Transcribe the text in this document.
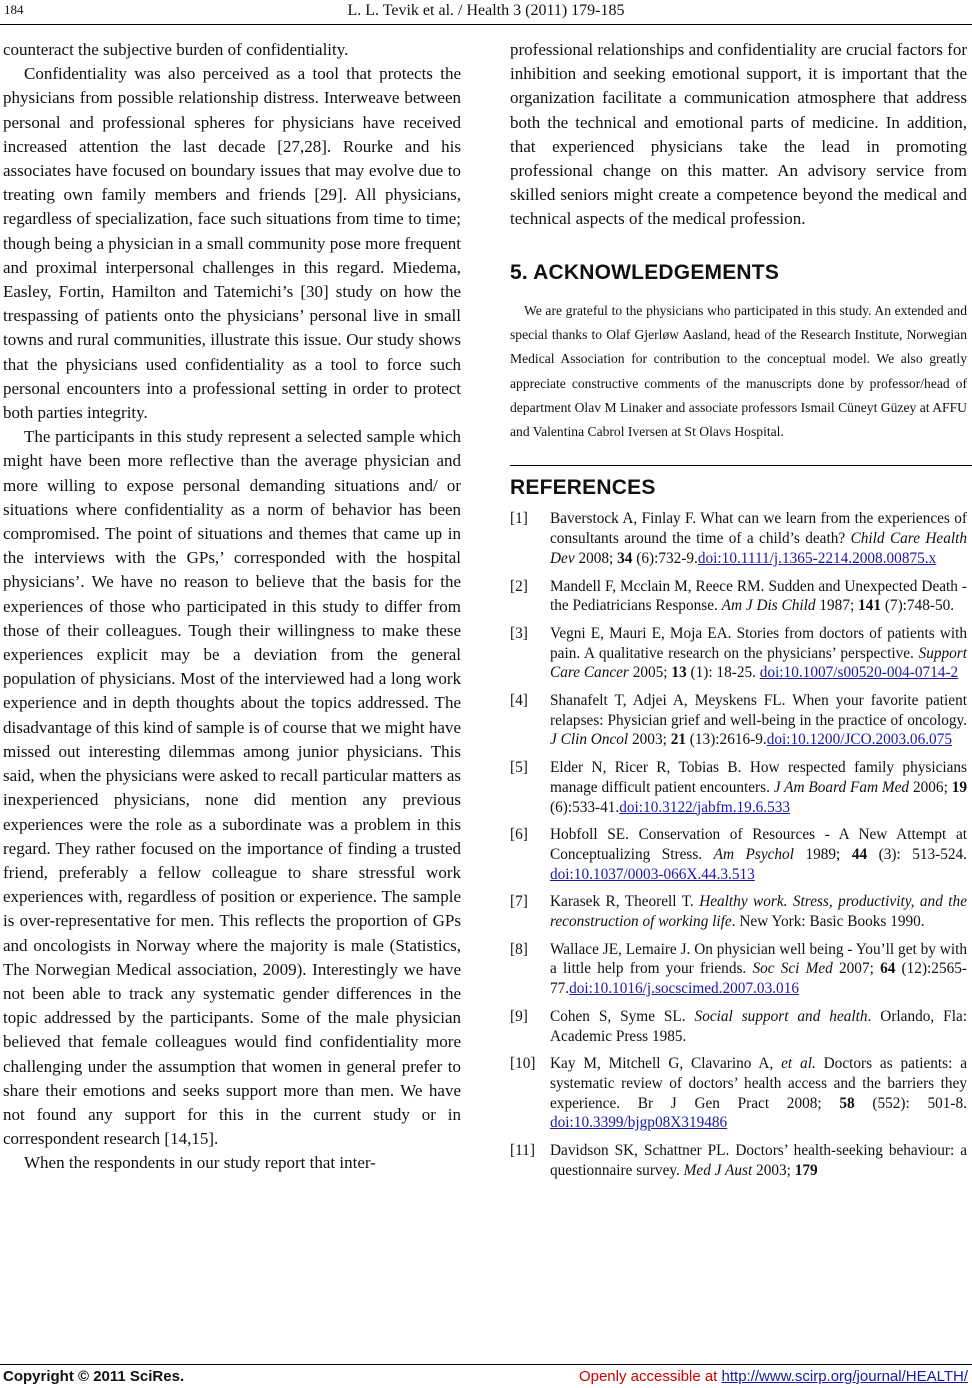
184	L. L. Tevik et al. / Health 3 (2011) 179-185

counteract the subjective burden of confidentiality.

Confidentiality was also perceived as a tool that protects the physicians from possible relationship distress. Interweave between personal and professional spheres for physicians have received increased attention the last decade [27,28]. Rourke and his associates have focused on boundary issues that may evolve due to treating own family members and friends [29]. All physicians, regardless of specialization, face such situations from time to time; though being a physician in a small community pose more frequent and proximal interpersonal challenges in this regard. Miedema, Easley, Fortin, Hamilton and Tatemichi’s [30] study on how the trespassing of patients onto the physicians’ personal live in small towns and rural communities, illustrate this issue. Our study shows that the physicians used confidentiality as a tool to force such personal encounters into a professional setting in order to protect both parties integrity.

The participants in this study represent a selected sample which might have been more reflective than the average physician and more willing to expose personal demanding situations and/ or situations where confidentiality as a norm of behavior has been compromised. The point of situations and themes that came up in the interviews with the GPs,’ corresponded with the hospital physicians’. We have no reason to believe that the basis for the experiences of those who participated in this study to differ from those of their colleagues. Tough their willingness to make these experiences explicit may be a deviation from the general population of physicians. Most of the interviewed had a long work experience and in depth thoughts about the topics addressed. The disadvantage of this kind of sample is of course that we might have missed out interesting dilemmas among junior physicians. This said, when the physicians were asked to recall particular matters as inexperienced physicians, none did mention any previous experiences were the role as a subordinate was a problem in this regard. They rather focused on the importance of finding a trusted friend, preferably a fellow colleague to share stressful work experiences with, regardless of position or experience. The sample is over-representative for men. This reflects the proportion of GPs and oncologists in Norway where the majority is male (Statistics, The Norwegian Medical association, 2009). Interestingly we have not been able to track any systematic gender differences in the topic addressed by the participants. Some of the male physician believed that female colleagues would find confidentiality more challenging under the assumption that women in general prefer to share their emotions and seeks support more than men. We have not found any support for this in the current study or in correspondent research [14,15].

When the respondents in our study report that inter-

professional relationships and confidentiality are crucial factors for inhibition and seeking emotional support, it is important that the organization facilitate a communication atmosphere that address both the technical and emotional parts of medicine. In addition, that experienced physicians take the lead in promoting professional change on this matter. An advisory service from skilled seniors might create a competence beyond the medical and technical aspects of the medical profession.

5. ACKNOWLEDGEMENTS

We are grateful to the physicians who participated in this study. An extended and special thanks to Olaf Gjerløw Aasland, head of the Research Institute, Norwegian Medical Association for contribution to the conceptual model. We also greatly appreciate constructive comments of the manuscripts done by professor/head of department Olav M Linaker and associate professors Ismail Cüneyt Güzey at AFFU and Valentina Cabrol Iversen at St Olavs Hospital.

REFERENCES
[1]	Baverstock A, Finlay F. What can we learn from the experiences of consultants around the time of a child’s death? Child Care Health Dev 2008; 34 (6):732-9.doi:10.1111/j.1365-2214.2008.00875.x
[2]	Mandell F, Mcclain M, Reece RM. Sudden and Unexpected Death - the Pediatricians Response. Am J Dis Child 1987; 141 (7):748-50.
[3]	Vegni E, Mauri E, Moja EA. Stories from doctors of patients with pain. A qualitative research on the physicians’ perspective. Support Care Cancer 2005; 13 (1): 18-25. doi:10.1007/s00520-004-0714-2
[4]	Shanafelt T, Adjei A, Meyskens FL. When your favorite patient relapses: Physician grief and well-being in the practice of oncology. J Clin Oncol 2003; 21 (13):2616-9.doi:10.1200/JCO.2003.06.075
[5]	Elder N, Ricer R, Tobias B. How respected family physicians manage difficult patient encounters. J Am Board Fam Med 2006; 19 (6):533-41.doi:10.3122/jabfm.19.6.533
[6]	Hobfoll SE. Conservation of Resources - A New Attempt at Conceptualizing Stress. Am Psychol 1989; 44 (3): 513-524. doi:10.1037/0003-066X.44.3.513
[7]	Karasek R, Theorell T. Healthy work. Stress, productivity, and the reconstruction of working life. New York: Basic Books 1990.
[8]	Wallace JE, Lemaire J. On physician well being - You’ll get by with a little help from your friends. Soc Sci Med 2007; 64 (12):2565-77.doi:10.1016/j.socscimed.2007.03.016
[9]	Cohen S, Syme SL. Social support and health. Orlando, Fla: Academic Press 1985.
[10] Kay M, Mitchell G, Clavarino A, et al. Doctors as patients: a systematic review of doctors’ health access and the barriers they experience. Br J Gen Pract 2008; 58 (552): 501-8. doi:10.3399/bjgp08X319486
[11] Davidson SK, Schattner PL. Doctors’ health-seeking behaviour: a questionnaire survey. Med J Aust 2003; 179
Copyright © 2011 SciRes.	Openly accessible at http://www.scirp.org/journal/HEALTH/
